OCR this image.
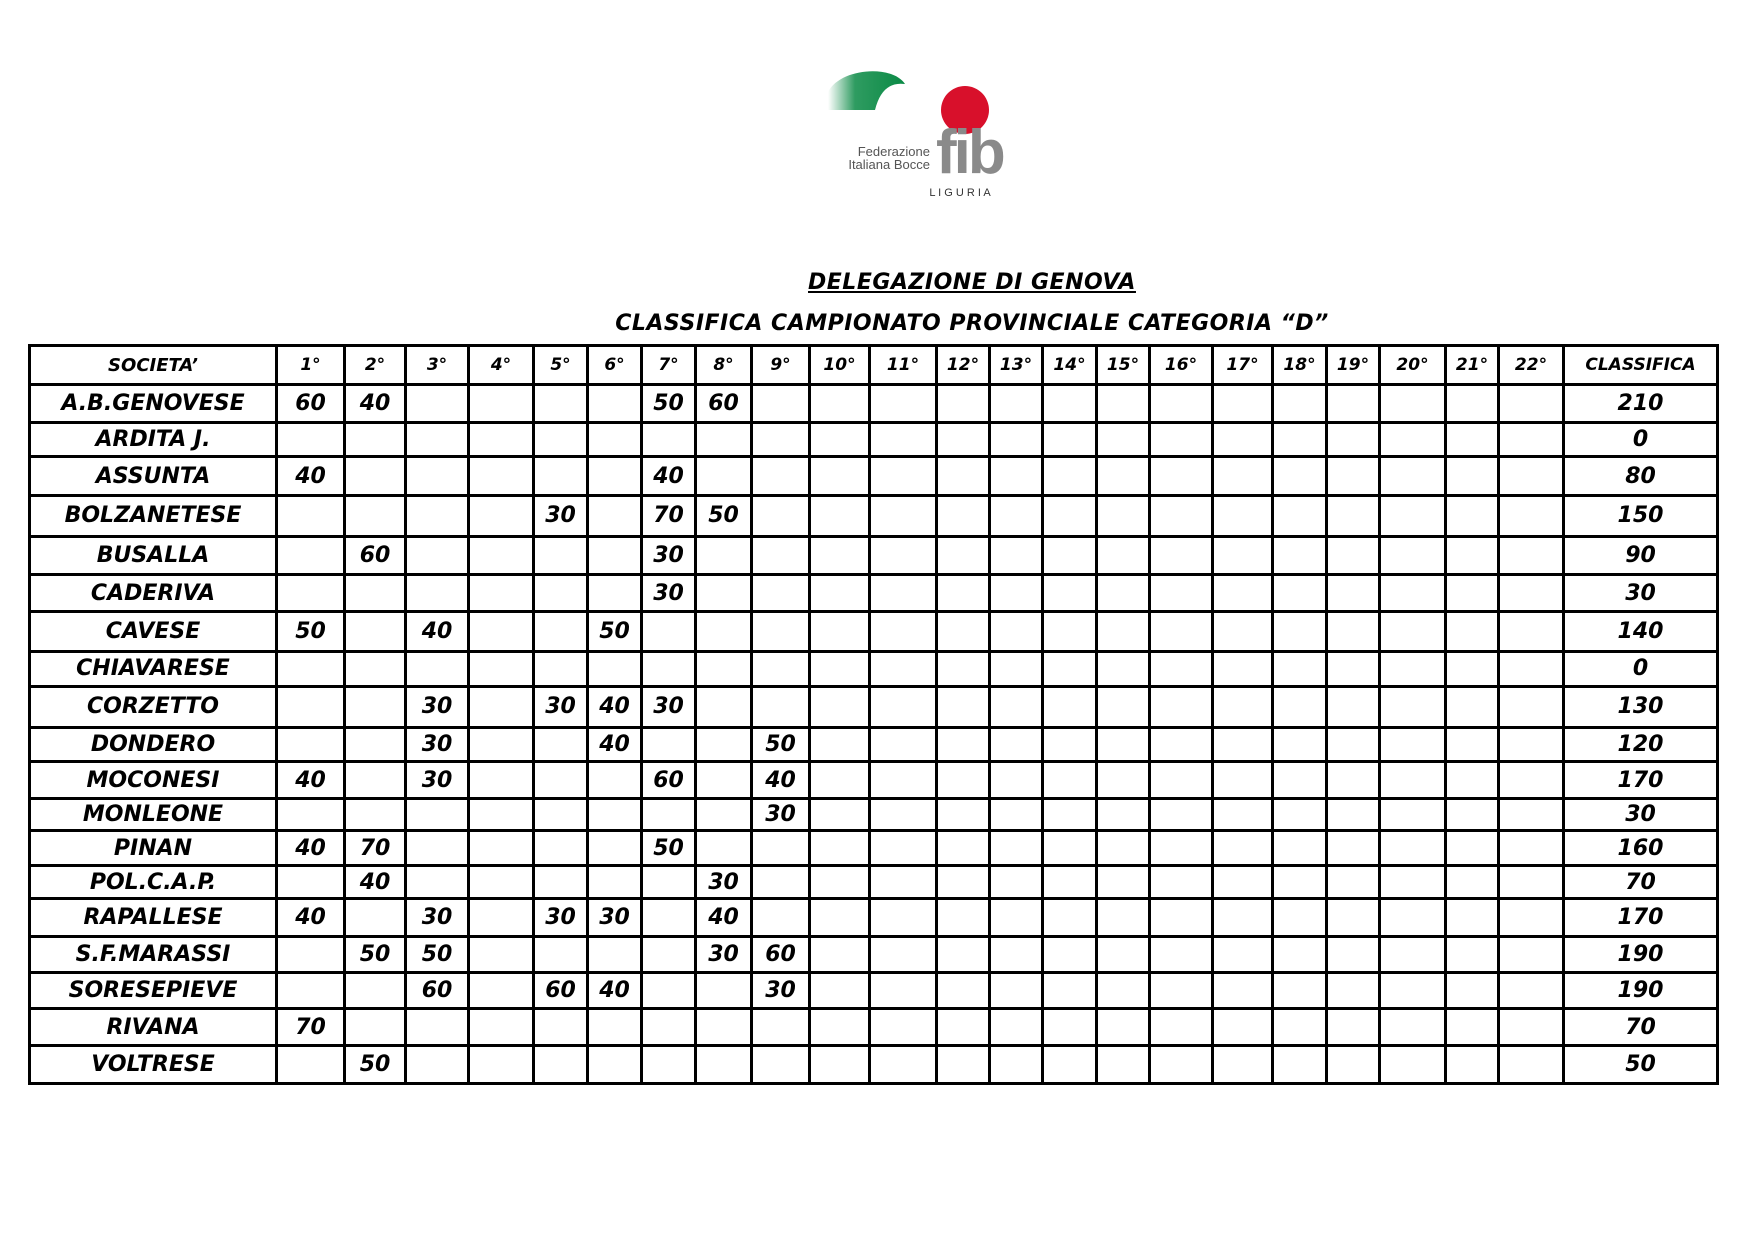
fib
Federazione
Italiana Bocce
L I G U R I A
DELEGAZIONE DI GENOVA
CLASSIFICA CAMPIONATO PROVINCIALE CATEGORIA “D”
SOCIETA’	1°	2°	3°	4°	5°	6°	7°	8°	9°	10°	11°	12°	13°	14°	15°	16°	17°	18°	19°	20°	21°	22°	CLASSIFICA
A.B.GENOVESE	60	40					50	60															210
ARDITA J.																							0
ASSUNTA	40						40																80
BOLZANETESE					30		70	50															150
BUSALLA		60					30																90
CADERIVA							30																30
CAVESE	50		40			50																	140
CHIAVARESE																							0
CORZETTO			30		30	40	30																130
DONDERO			30			40			50														120
MOCONESI	40		30				60		40														170
MONLEONE									30														30
PINAN	40	70					50																160
POL.C.A.P.		40						30															70
RAPALLESE	40		30		30	30		40															170
S.F.MARASSI		50	50					30	60														190
SORESEPIEVE			60		60	40			30														190
RIVANA	70																						70
VOLTRESE		50																					50
